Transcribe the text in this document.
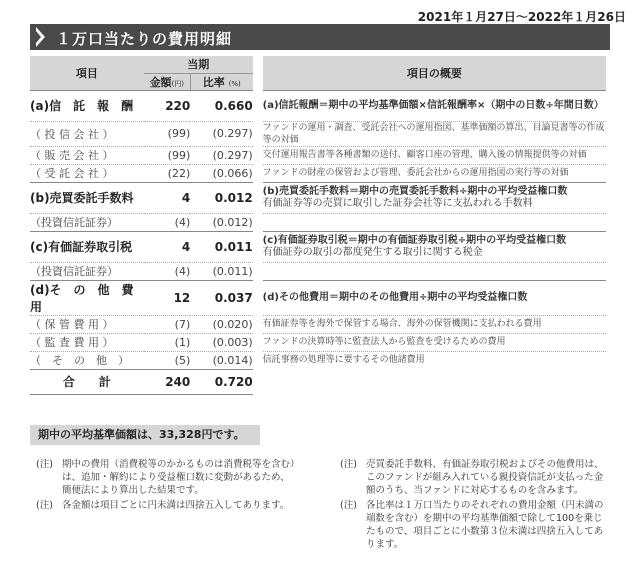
2021年１月27日～2022年１月26日
１万口当たりの費用明細
項目	当期			項目の概要
	金額(円)	比率 (%)		
(a)信　託　報　酬	220	0.660		(a)信託報酬＝期中の平均基準価額×信託報酬率×（期中の日数÷年間日数）
（ 投 信 会 社 ）	(99)	(0.297)		ファンドの運用・調査、受託会社への運用指図、基準価額の算出、目論見書等の作成等の対価
（ 販 売 会 社 ）	(99)	(0.297)		交付運用報告書等各種書類の送付、顧客口座の管理、購入後の情報提供等の対価
（ 受 託 会 社 ）	(22)	(0.066)		ファンドの財産の保管および管理、委託会社からの運用指図の実行等の対価
(b)売買委託手数料	4	0.012		(b)売買委託手数料＝期中の売買委託手数料÷期中の平均受益権口数
有価証券等の売買に取引した証券会社等に支払われる手数料

（投資信託証券）	(4)	(0.012)		
(c)有価証券取引税	4	0.011		(c)有価証券取引税＝期中の有価証券取引税÷期中の平均受益権口数
有価証券の取引の都度発生する取引に関する税金

（投資信託証券）	(4)	(0.011)		
(d)そ　の　他　費　用	12	0.037		(d)その他費用＝期中のその他費用÷期中の平均受益権口数
（ 保 管 費 用 ）	(7)	(0.020)		有価証券等を海外で保管する場合、海外の保管機関に支払われる費用
（ 監 査 費 用 ）	(1)	(0.003)		ファンドの決算時等に監査法人から監査を受けるための費用
（　そ　の　他　）	(5)	(0.014)		信託事務の処理等に要するその他諸費用
合　　計	240	0.720		
期中の平均基準価額は、33,328円です。
(注) 期中の費用（消費税等のかかるものは消費税等を含む）は、追加・解約により受益権口数に変動があるため、簡便法により算出した結果です。
(注) 各金額は項目ごとに円未満は四捨五入してあります。
(注) 売買委託手数料、有価証券取引税およびその他費用は、このファンドが組み入れている親投資信託が支払った金額のうち、当ファンドに対応するものを含みます。
(注) 各比率は１万口当たりのそれぞれの費用金額（円未満の端数を含む）を期中の平均基準価額で除して100を乗じたもので、項目ごとに小数第３位未満は四捨五入してあります。
